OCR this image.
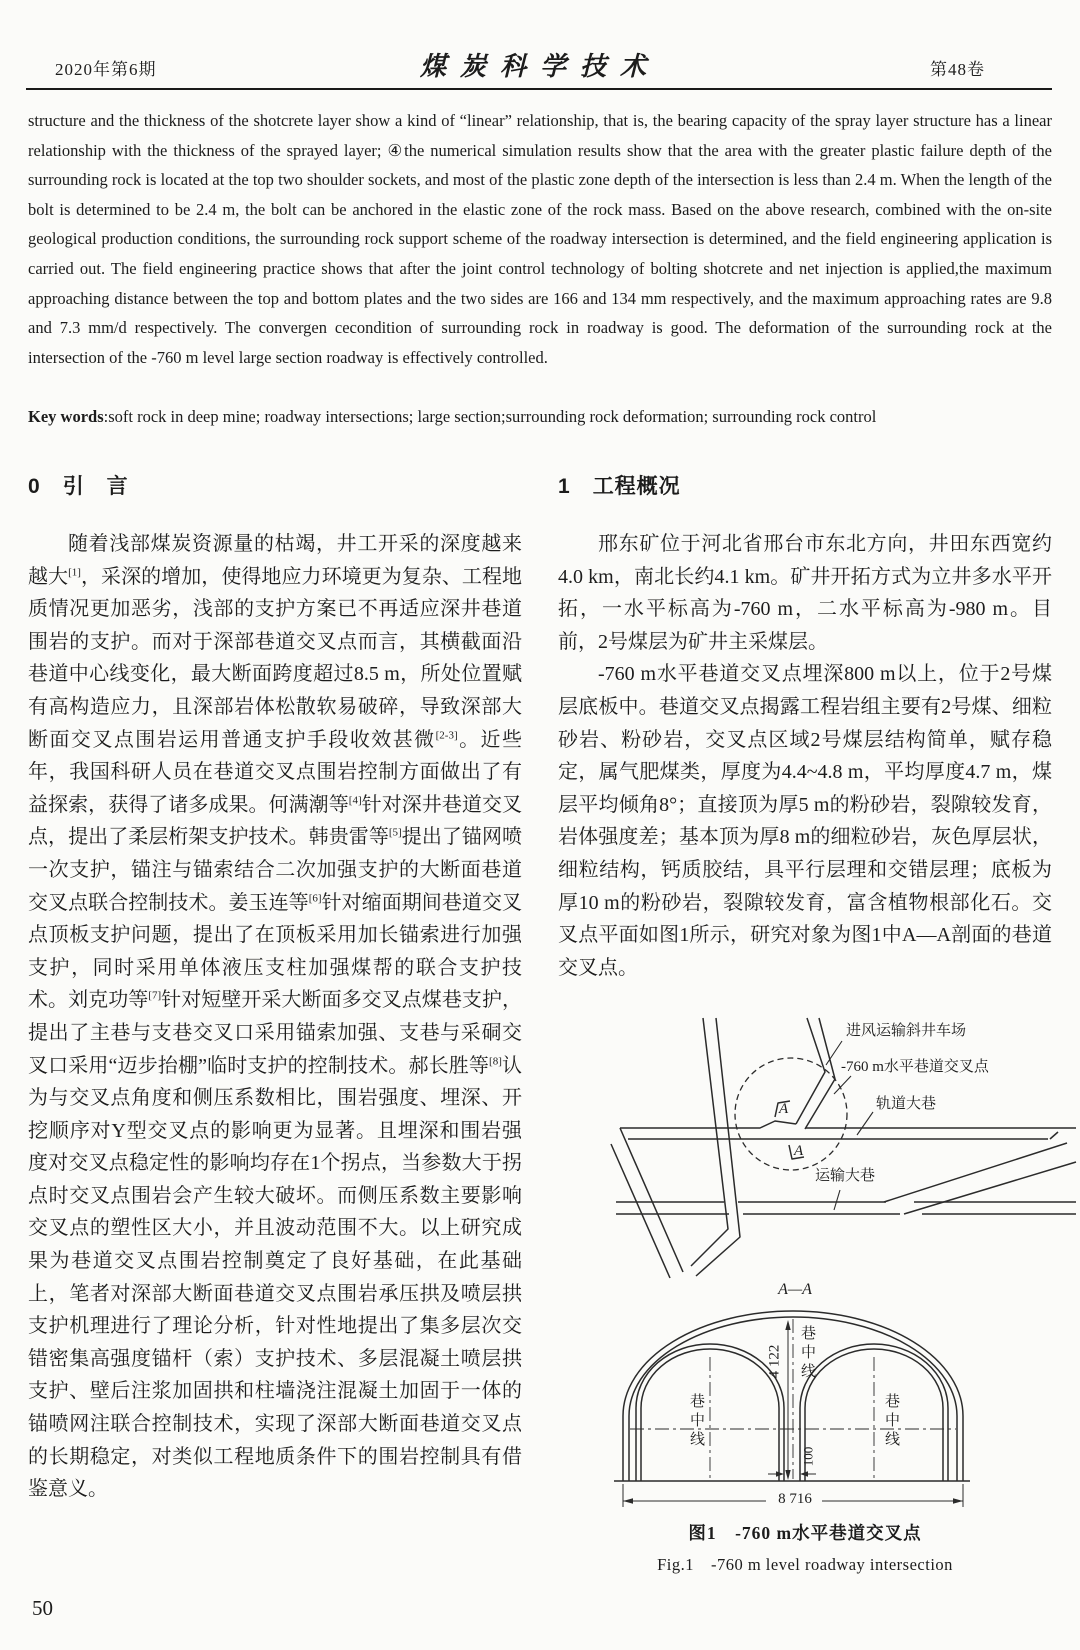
2020年第6期	煤炭科学技术	第48卷
structure and the thickness of the shotcrete layer show a kind of “linear” relationship, that is, the bearing capacity of the spray layer structure has a linear relationship with the thickness of the sprayed layer; ④the numerical simulation results show that the area with the greater plastic failure depth of the surrounding rock is located at the top two shoulder sockets, and most of the plastic zone depth of the intersection is less than 2.4 m. When the length of the bolt is determined to be 2.4 m, the bolt can be anchored in the elastic zone of the rock mass. Based on the above research, combined with the on-site geological production conditions, the surrounding rock support scheme of the roadway intersection is determined, and the field engineering application is carried out. The field engineering practice shows that after the joint control technology of bolting shotcrete and net injection is applied,the maximum approaching distance between the top and bottom plates and the two sides are 166 and 134 mm respectively, and the maximum approaching rates are 9.8 and 7.3 mm/d respectively. The convergen cecondition of surrounding rock in roadway is good. The deformation of the surrounding rock at the intersection of the -760 m level large section roadway is effectively controlled.
Key words:soft rock in deep mine; roadway intersections; large section;surrounding rock deformation; surrounding rock control
0 引　言

随着浅部煤炭资源量的枯竭，井工开采的深度越来越大[1]，采深的增加，使得地应力环境更为复杂、工程地质情况更加恶劣，浅部的支护方案已不再适应深井巷道围岩的支护。而对于深部巷道交叉点而言，其横截面沿巷道中心线变化，最大断面跨度超过8.5 m，所处位置赋有高构造应力，且深部岩体松散软易破碎，导致深部大断面交叉点围岩运用普通支护手段收效甚微[2-3]。近些年，我国科研人员在巷道交叉点围岩控制方面做出了有益探索，获得了诸多成果。何满潮等[4]针对深井巷道交叉点，提出了柔层桁架支护技术。韩贵雷等[5]提出了锚网喷一次支护，锚注与锚索结合二次加强支护的大断面巷道交叉点联合控制技术。姜玉连等[6]针对缩面期间巷道交叉点顶板支护问题，提出了在顶板采用加长锚索进行加强支护，同时采用单体液压支柱加强煤帮的联合支护技术。刘克功等[7]针对短壁开采大断面多交叉点煤巷支护，提出了主巷与支巷交叉口采用锚索加强、支巷与采硐交叉口采用“迈步抬棚”临时支护的控制技术。郝长胜等[8]认为与交叉点角度和侧压系数相比，围岩强度、埋深、开挖顺序对Y型交叉点的影响更为显著。且埋深和围岩强度对交叉点稳定性的影响均存在1个拐点，当参数大于拐点时交叉点围岩会产生较大破坏。而侧压系数主要影响交叉点的塑性区大小，并且波动范围不大。以上研究成果为巷道交叉点围岩控制奠定了良好基础，在此基础上，笔者对深部大断面巷道交叉点围岩承压拱及喷层拱支护机理进行了理论分析，针对性地提出了集多层次交错密集高强度锚杆（索）支护技术、多层混凝土喷层拱支护、壁后注浆加固拱和柱墙浇注混凝土加固于一体的锚喷网注联合控制技术，实现了深部大断面巷道交叉点的长期稳定，对类似工程地质条件下的围岩控制具有借鉴意义。

1 工程概况

邢东矿位于河北省邢台市东北方向，井田东西宽约4.0 km，南北长约4.1 km。矿井开拓方式为立井多水平开拓，一水平标高为-760 m，二水平标高为-980 m。目前，2号煤层为矿井主采煤层。

-760 m水平巷道交叉点埋深800 m以上，位于2号煤层底板中。巷道交叉点揭露工程岩组主要有2号煤、细粒砂岩、粉砂岩，交叉点区域2号煤层结构简单，赋存稳定，属气肥煤类，厚度为4.4~4.8 m，平均厚度4.7 m，煤层平均倾角8°；直接顶为厚5 m的粉砂岩，裂隙较发育，岩体强度差；基本顶为厚8 m的细粒砂岩，灰色厚层状，细粒结构，钙质胶结，具平行层理和交错层理；底板为厚10 m的粉砂岩，裂隙较发育，富含植物根部化石。交叉点平面如图1所示，研究对象为图1中A—A剖面的巷道交叉点。

进风运输斜井车场
-760 m水平巷道交叉点
轨道大巷
运输大巷
A
A
A—A
4 122 巷中线
巷中线	巷中线
100
8 716
图1　-760 m水平巷道交叉点
Fig.1　-760 m level roadway intersection
50
